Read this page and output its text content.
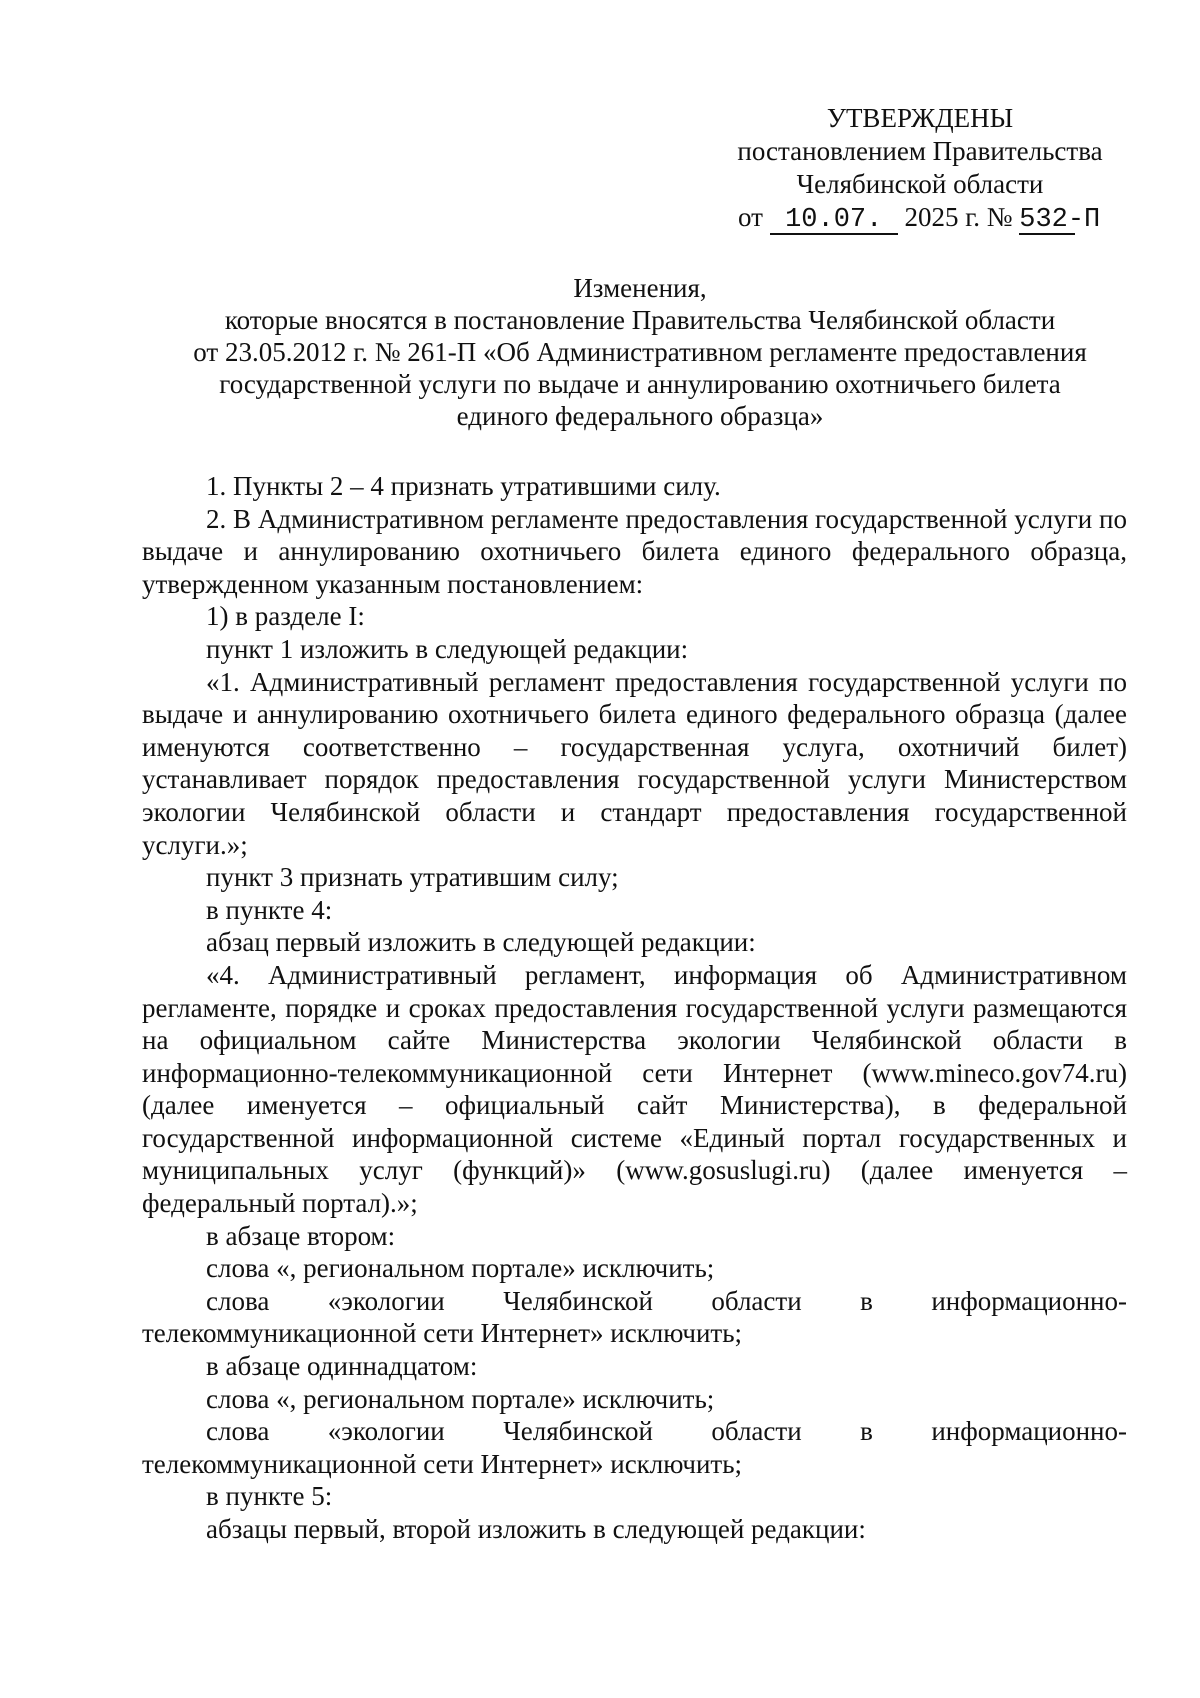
УТВЕРЖДЕНЫ
постановлением Правительства
Челябинской области
от 10.07. 2025 г. № 532-П
Изменения,
которые вносятся в постановление Правительства Челябинской области
от 23.05.2012 г. № 261-П «Об Административном регламенте предоставления
государственной услуги по выдаче и аннулированию охотничьего билета
единого федерального образца»

1. Пункты 2 – 4 признать утратившими силу.

2. В Административном регламенте предоставления государственной услуги по выдаче и аннулированию охотничьего билета единого федерального образца, утвержденном указанным постановлением:

1) в разделе I:

пункт 1 изложить в следующей редакции:

«1. Административный регламент предоставления государственной услуги по выдаче и аннулированию охотничьего билета единого федерального образца (далее именуются соответственно – государственная услуга, охотничий билет) устанавливает порядок предоставления государственной услуги Министерством экологии Челябинской области и стандарт предоставления государственной услуги.»;

пункт 3 признать утратившим силу;

в пункте 4:

абзац первый изложить в следующей редакции:

«4. Административный регламент, информация об Административном регламенте, порядке и сроках предоставления государственной услуги размещаются на официальном сайте Министерства экологии Челябинской области в информационно-телекоммуникационной сети Интернет (www.mineco.gov74.ru) (далее именуется – официальный сайт Министерства), в федеральной государственной информационной системе «Единый портал государственных и муниципальных услуг (функций)» (www.gosuslugi.ru) (далее именуется – федеральный портал).»;

в абзаце втором:

слова «, региональном портале» исключить;

слова «экологии Челябинской области в информационно-телекоммуникационной сети Интернет» исключить;

в абзаце одиннадцатом:

слова «, региональном портале» исключить;

слова «экологии Челябинской области в информационно-телекоммуникационной сети Интернет» исключить;

в пункте 5:

абзацы первый, второй изложить в следующей редакции:
